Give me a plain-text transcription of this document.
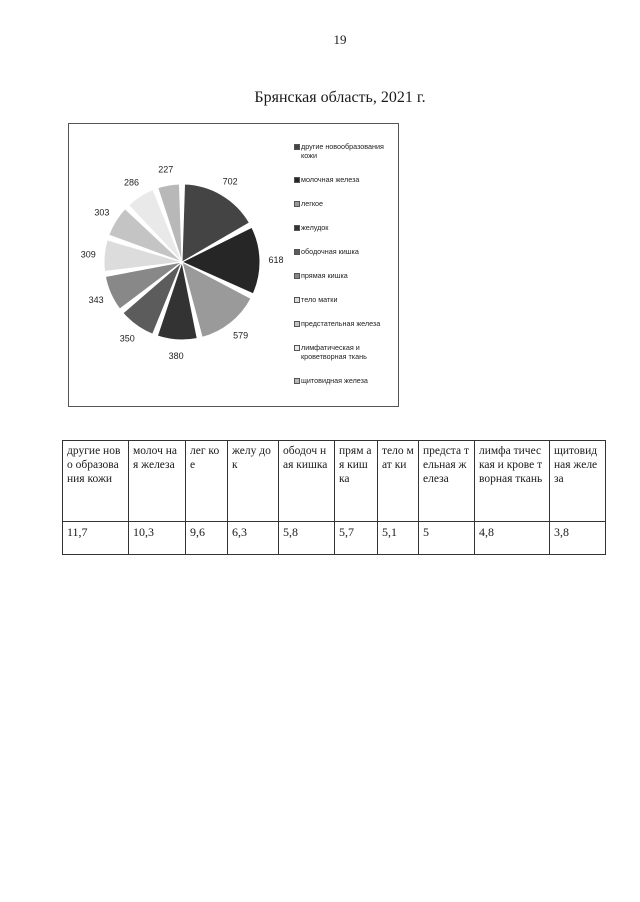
19
Брянская область, 2021 г.
702
618
579
380
350
343
309
303
286
227
другие новообразования кожи
молочная железа
легкое
желудок
ободочная кишка
прямая кишка
тело матки
предстательная железа
лимфатическая и кроветворная ткань
щитовидная железа
другие ново образова ния кожи	молоч ная железа	лег кое	желу док	ободоч ная кишка	прям ая киш ка	тело мат ки	предста тельная железа	лимфа тическая и крове творная ткань	щитовид ная железа
11,7	10,3	9,6	6,3	5,8	5,7	5,1	5	4,8	3,8
